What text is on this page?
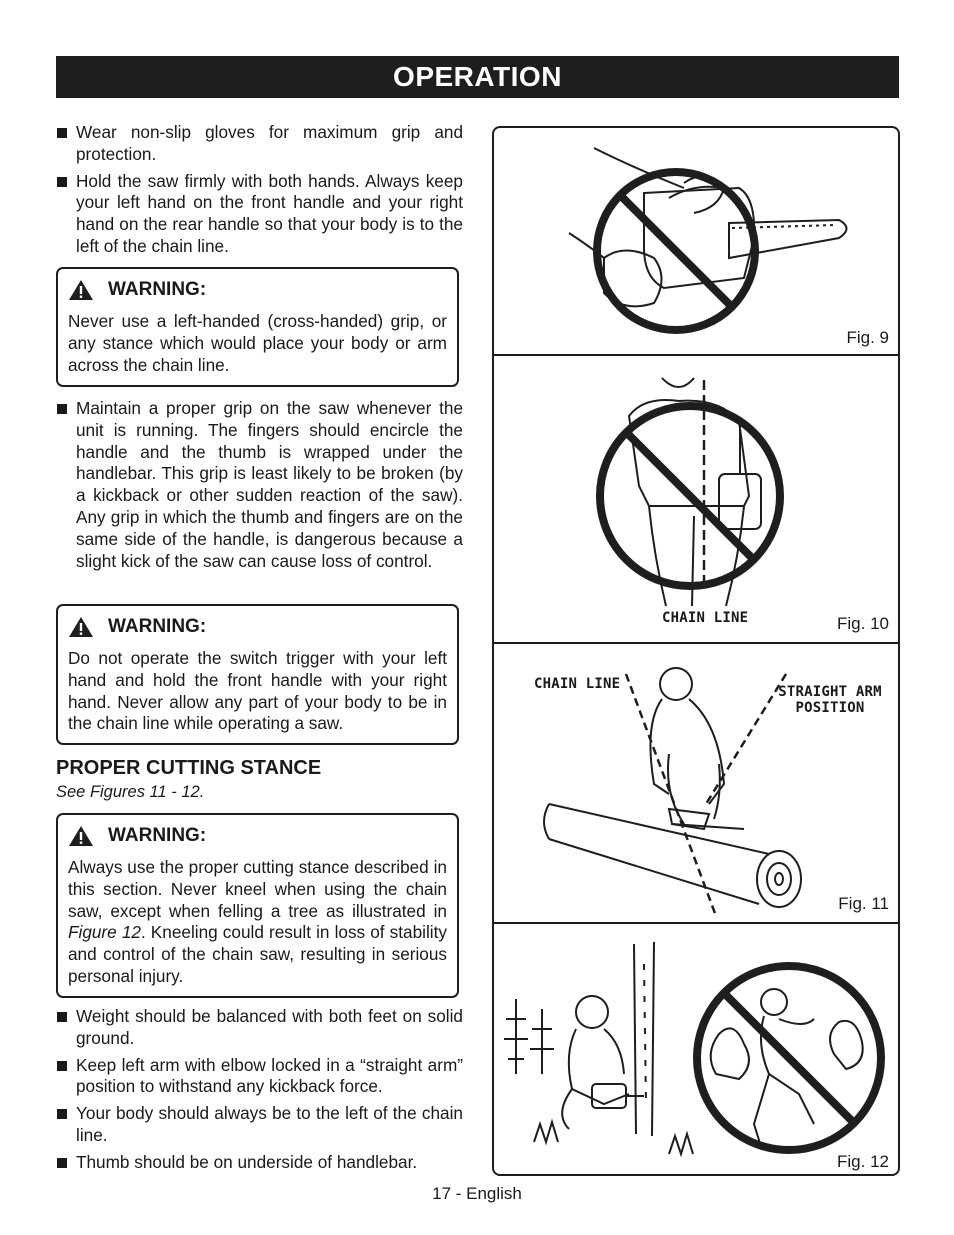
OPERATION
Wear non-slip gloves for maximum grip and protection.
Hold the saw firmly with both hands. Always keep your left hand on the front handle and your right hand on the rear handle so that your body is to the left of the chain line.
WARNING:
Never use a left-handed (cross-handed) grip, or any stance which would place your body or arm across the chain line.
Maintain a proper grip on the saw whenever the unit is running. The fingers should encircle the handle and the thumb is wrapped under the handlebar. This grip is least likely to be broken (by a kickback or other sudden reaction of the saw). Any grip in which the thumb and fingers are on the same side of the handle, is dangerous because a slight kick of the saw can cause loss of control.
WARNING:
Do not operate the switch trigger with your left hand and hold the front handle with your right hand. Never allow any part of your body to be in the chain line while operating a saw.
PROPER CUTTING STANCE
See Figures 11 - 12.
WARNING:
Always use the proper cutting stance described in this section. Never kneel when using the chain saw, except when felling a tree as illustrated in Figure 12. Kneeling could result in loss of stability and control of the chain saw, resulting in serious personal injury.
Weight should be balanced with both feet on solid ground.
Keep left arm with elbow locked in a “straight arm” position to withstand any kickback force.
Your body should always be to the left of the chain line.
Thumb should be on underside of handlebar.
Fig. 9
CHAIN LINE	Fig. 10
CHAIN LINE	STRAIGHT ARM POSITION
Fig. 11
Fig. 12
17 - English
